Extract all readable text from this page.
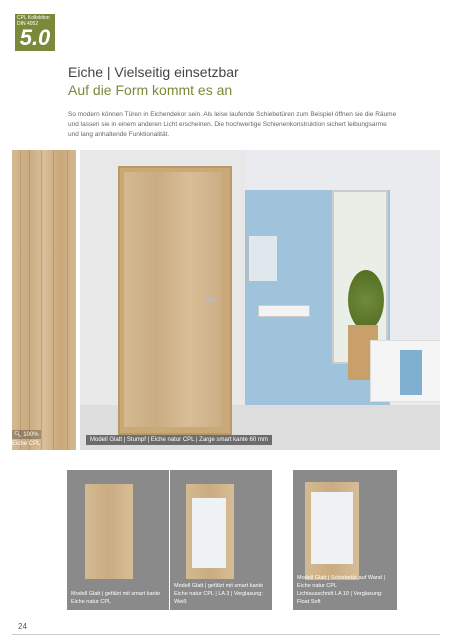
CPL Kollektion
DIN 4052
5.0
Eiche | Vielseitig einsetzbar
Auf die Form kommt es an
So modern können Türen in Eichendekor sein. Als leise laufende Schiebetüren zum Beispiel öffnen sie die Räume und lassen sie in einem anderen Licht erscheinen. Die hochwertige Schienenkonstruktion sichert leibungsarme und lang anhaltende Funktionalität.
🔍︎ 100%
Eiche CPL
Modell Glatt | Stumpf | Eiche natur CPL | Zarge smart kante 60 mm
Modell Glatt | gefälzt mit smart kante
Eiche natur CPL
Modell Glatt | gefälzt mit smart kante
Eiche natur CPL | LA 3 | Verglasung: Weiß
Modell Glatt | Schiebetür auf Wand | Eiche natur CPL
Lichtausschnitt LA 10 | Verglasung: Float Soft
24
